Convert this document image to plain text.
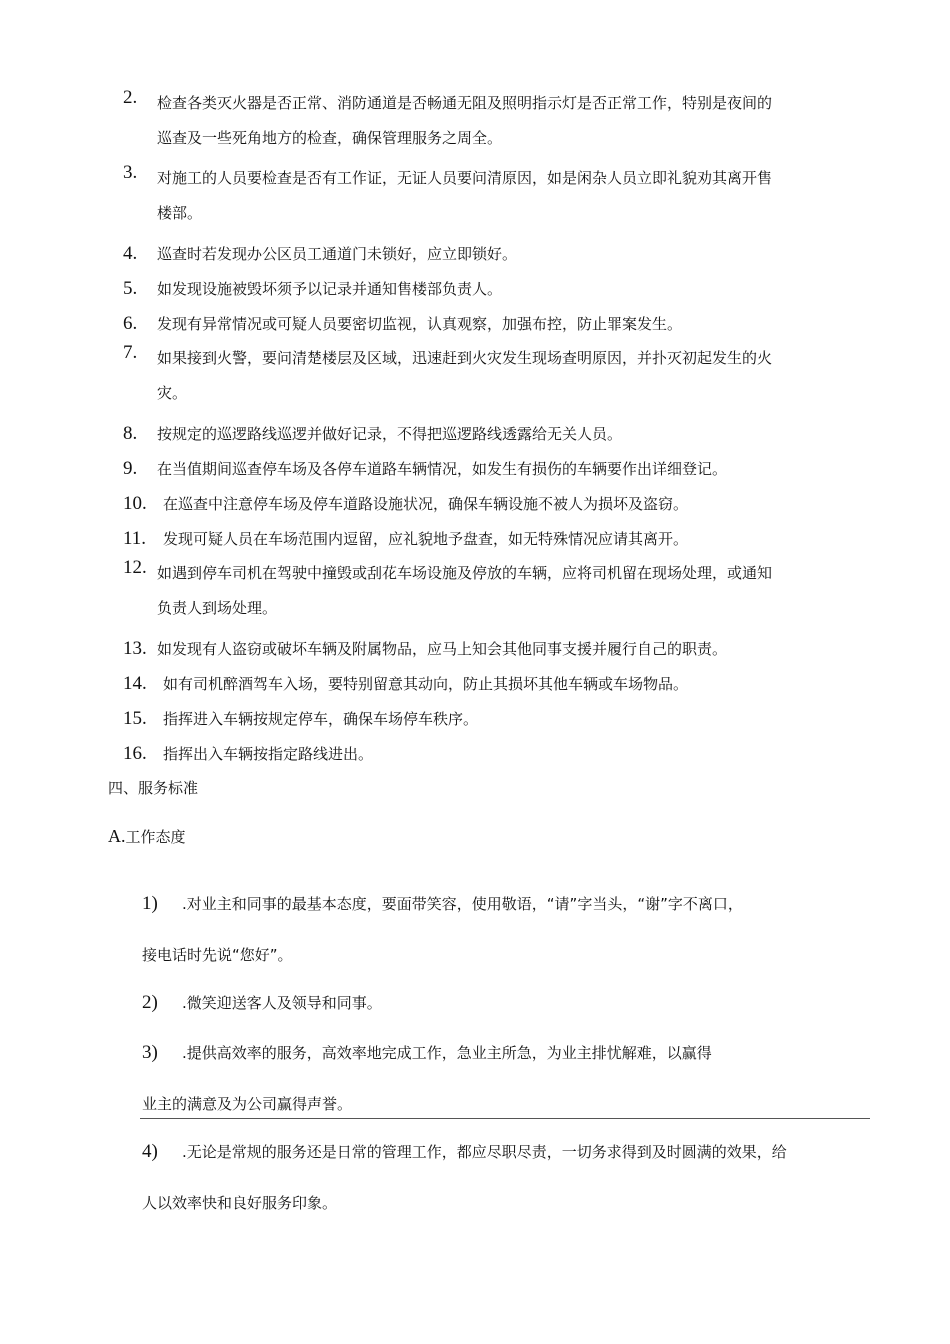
2. 检查各类灭火器是否正常、消防通道是否畅通无阻及照明指示灯是否正常工作，特别是夜间的
巡查及一些死角地方的检查，确保管理服务之周全。
3. 对施工的人员要检查是否有工作证，无证人员要问清原因，如是闲杂人员立即礼貌劝其离开售
楼部。
4. 巡查时若发现办公区员工通道门未锁好，应立即锁好。
5. 如发现设施被毁坏须予以记录并通知售楼部负责人。
6. 发现有异常情况或可疑人员要密切监视，认真观察，加强布控，防止罪案发生。
7. 如果接到火警，要问清楚楼层及区域，迅速赶到火灾发生现场查明原因，并扑灭初起发生的火
灾。
8. 按规定的巡逻路线巡逻并做好记录，不得把巡逻路线透露给无关人员。
9. 在当值期间巡查停车场及各停车道路车辆情况，如发生有损伤的车辆要作出详细登记。
10.	在巡查中注意停车场及停车道路设施状况，确保车辆设施不被人为损坏及盗窃。
11.	发现可疑人员在车场范围内逗留，应礼貌地予盘查，如无特殊情况应请其离开。
12. 如遇到停车司机在驾驶中撞毁或刮花车场设施及停放的车辆，应将司机留在现场处理，或通知
负责人到场处理。
13. 如发现有人盗窃或破坏车辆及附属物品，应马上知会其他同事支援并履行自己的职责。
14.	如有司机醉酒驾车入场，要特别留意其动向，防止其损坏其他车辆或车场物品。
15.	指挥进入车辆按规定停车，确保车场停车秩序。
16.	指挥出入车辆按指定路线进出。
四、服务标准
A.工作态度
1) .对业主和同事的最基本态度，要面带笑容，使用敬语，“请”字当头，“谢”字不离口，
接电话时先说“您好”。
2) .微笑迎送客人及领导和同事。
3) .提供高效率的服务，高效率地完成工作，急业主所急，为业主排忧解难，以赢得
业主的满意及为公司赢得声誉。
4) .无论是常规的服务还是日常的管理工作，都应尽职尽责，一切务求得到及时圆满的效果，给
人以效率快和良好服务印象。
